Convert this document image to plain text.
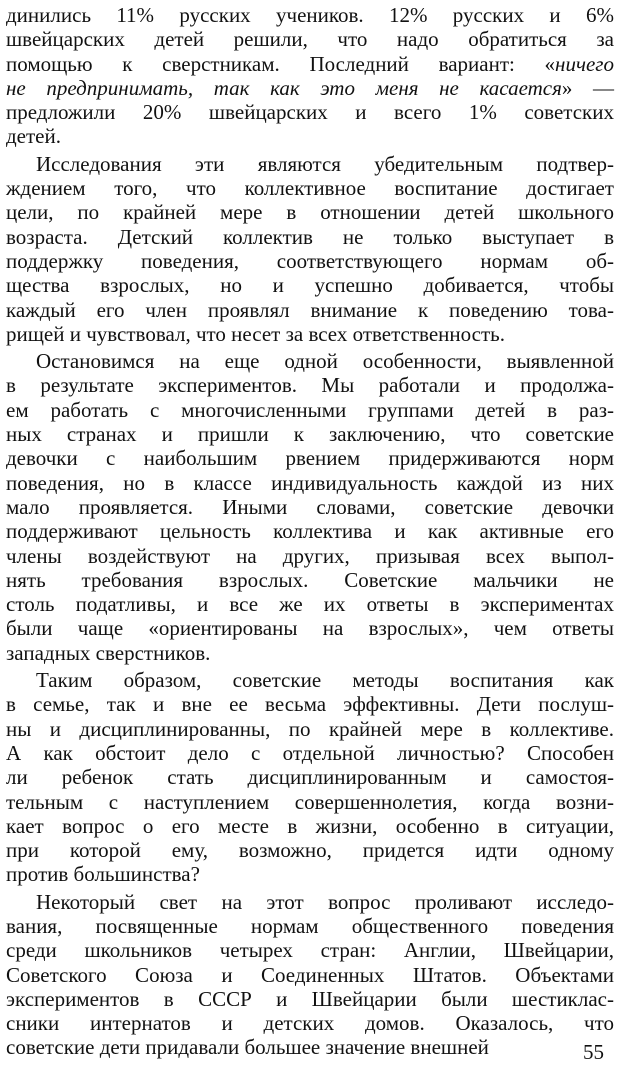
динились 11% русских учеников. 12% русских и 6%
швейцарских детей решили, что надо обратиться за
помощью к сверстникам. Последний вариант: «ничего
не предпринимать, так как это меня не касается» —
предложили 20% швейцарских и всего 1% советских
детей.
Исследования эти являются убедительным подтвер-
ждением того, что коллективное воспитание достигает
цели, по крайней мере в отношении детей школьного
возраста. Детский коллектив не только выступает в
поддержку поведения, соответствующего нормам об-
щества взрослых, но и успешно добивается, чтобы
каждый его член проявлял внимание к поведению това-
рищей и чувствовал, что несет за всех ответственность.
Остановимся на еще одной особенности, выявленной
в результате экспериментов. Мы работали и продолжа-
ем работать с многочисленными группами детей в раз-
ных странах и пришли к заключению, что советские
девочки с наибольшим рвением придерживаются норм
поведения, но в классе индивидуальность каждой из них
мало проявляется. Иными словами, советские девочки
поддерживают цельность коллектива и как активные его
члены воздействуют на других, призывая всех выпол-
нять требования взрослых. Советские мальчики не
столь податливы, и все же их ответы в экспериментах
были чаще «ориентированы на взрослых», чем ответы
западных сверстников.
Таким образом, советские методы воспитания как
в семье, так и вне ее весьма эффективны. Дети послуш-
ны и дисциплинированны, по крайней мере в коллективе.
А как обстоит дело с отдельной личностью? Способен
ли ребенок стать дисциплинированным и самостоя-
тельным с наступлением совершеннолетия, когда возни-
кает вопрос о его месте в жизни, особенно в ситуации,
при которой ему, возможно, придется идти одному
против большинства?
Некоторый свет на этот вопрос проливают исследо-
вания, посвященные нормам общественного поведения
среди школьников четырех стран: Англии, Швейцарии,
Советского Союза и Соединенных Штатов. Объектами
экспериментов в СССР и Швейцарии были шестиклас-
сники интернатов и детских домов. Оказалось, что
советские дети придавали большее значение внешней	55
